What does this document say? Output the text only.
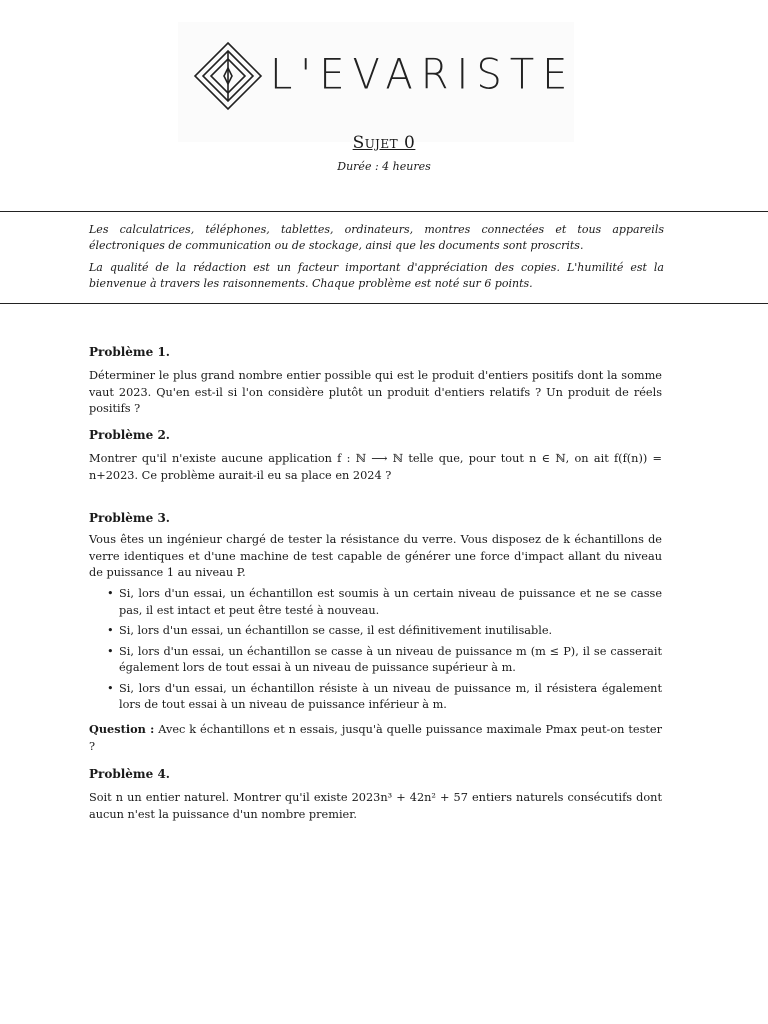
L'EVARISTE
Sujet 0
Durée : 4 heures
Les calculatrices, téléphones, tablettes, ordinateurs, montres connectées et tous appareils électroniques de communication ou de stockage, ainsi que les documents sont proscrits.
La qualité de la rédaction est un facteur important d'appréciation des copies. L'humilité est la bienvenue à travers les raisonnements. Chaque problème est noté sur 6 points.
Problème 1.
Déterminer le plus grand nombre entier possible qui est le produit d'entiers positifs dont la somme vaut 2023. Qu'en est-il si l'on considère plutôt un produit d'entiers relatifs ? Un produit de réels positifs ?
Problème 2.
Montrer qu'il n'existe aucune application f : ℕ ⟶ ℕ telle que, pour tout n ∈ ℕ, on ait f(f(n)) = n+2023. Ce problème aurait-il eu sa place en 2024 ?
Problème 3.
Vous êtes un ingénieur chargé de tester la résistance du verre. Vous disposez de k échantillons de verre identiques et d'une machine de test capable de générer une force d'impact allant du niveau de puissance 1 au niveau P.
• Si, lors d'un essai, un échantillon est soumis à un certain niveau de puissance et ne se casse pas, il est intact et peut être testé à nouveau.
• Si, lors d'un essai, un échantillon se casse, il est définitivement inutilisable.
• Si, lors d'un essai, un échantillon se casse à un niveau de puissance m (m ≤ P), il se casserait également lors de tout essai à un niveau de puissance supérieur à m.
• Si, lors d'un essai, un échantillon résiste à un niveau de puissance m, il résistera également lors de tout essai à un niveau de puissance inférieur à m.
Question : Avec k échantillons et n essais, jusqu'à quelle puissance maximale Pmax peut-on tester ?
Problème 4.
Soit n un entier naturel. Montrer qu'il existe 2023n³ + 42n² + 57 entiers naturels consécutifs dont aucun n'est la puissance d'un nombre premier.
